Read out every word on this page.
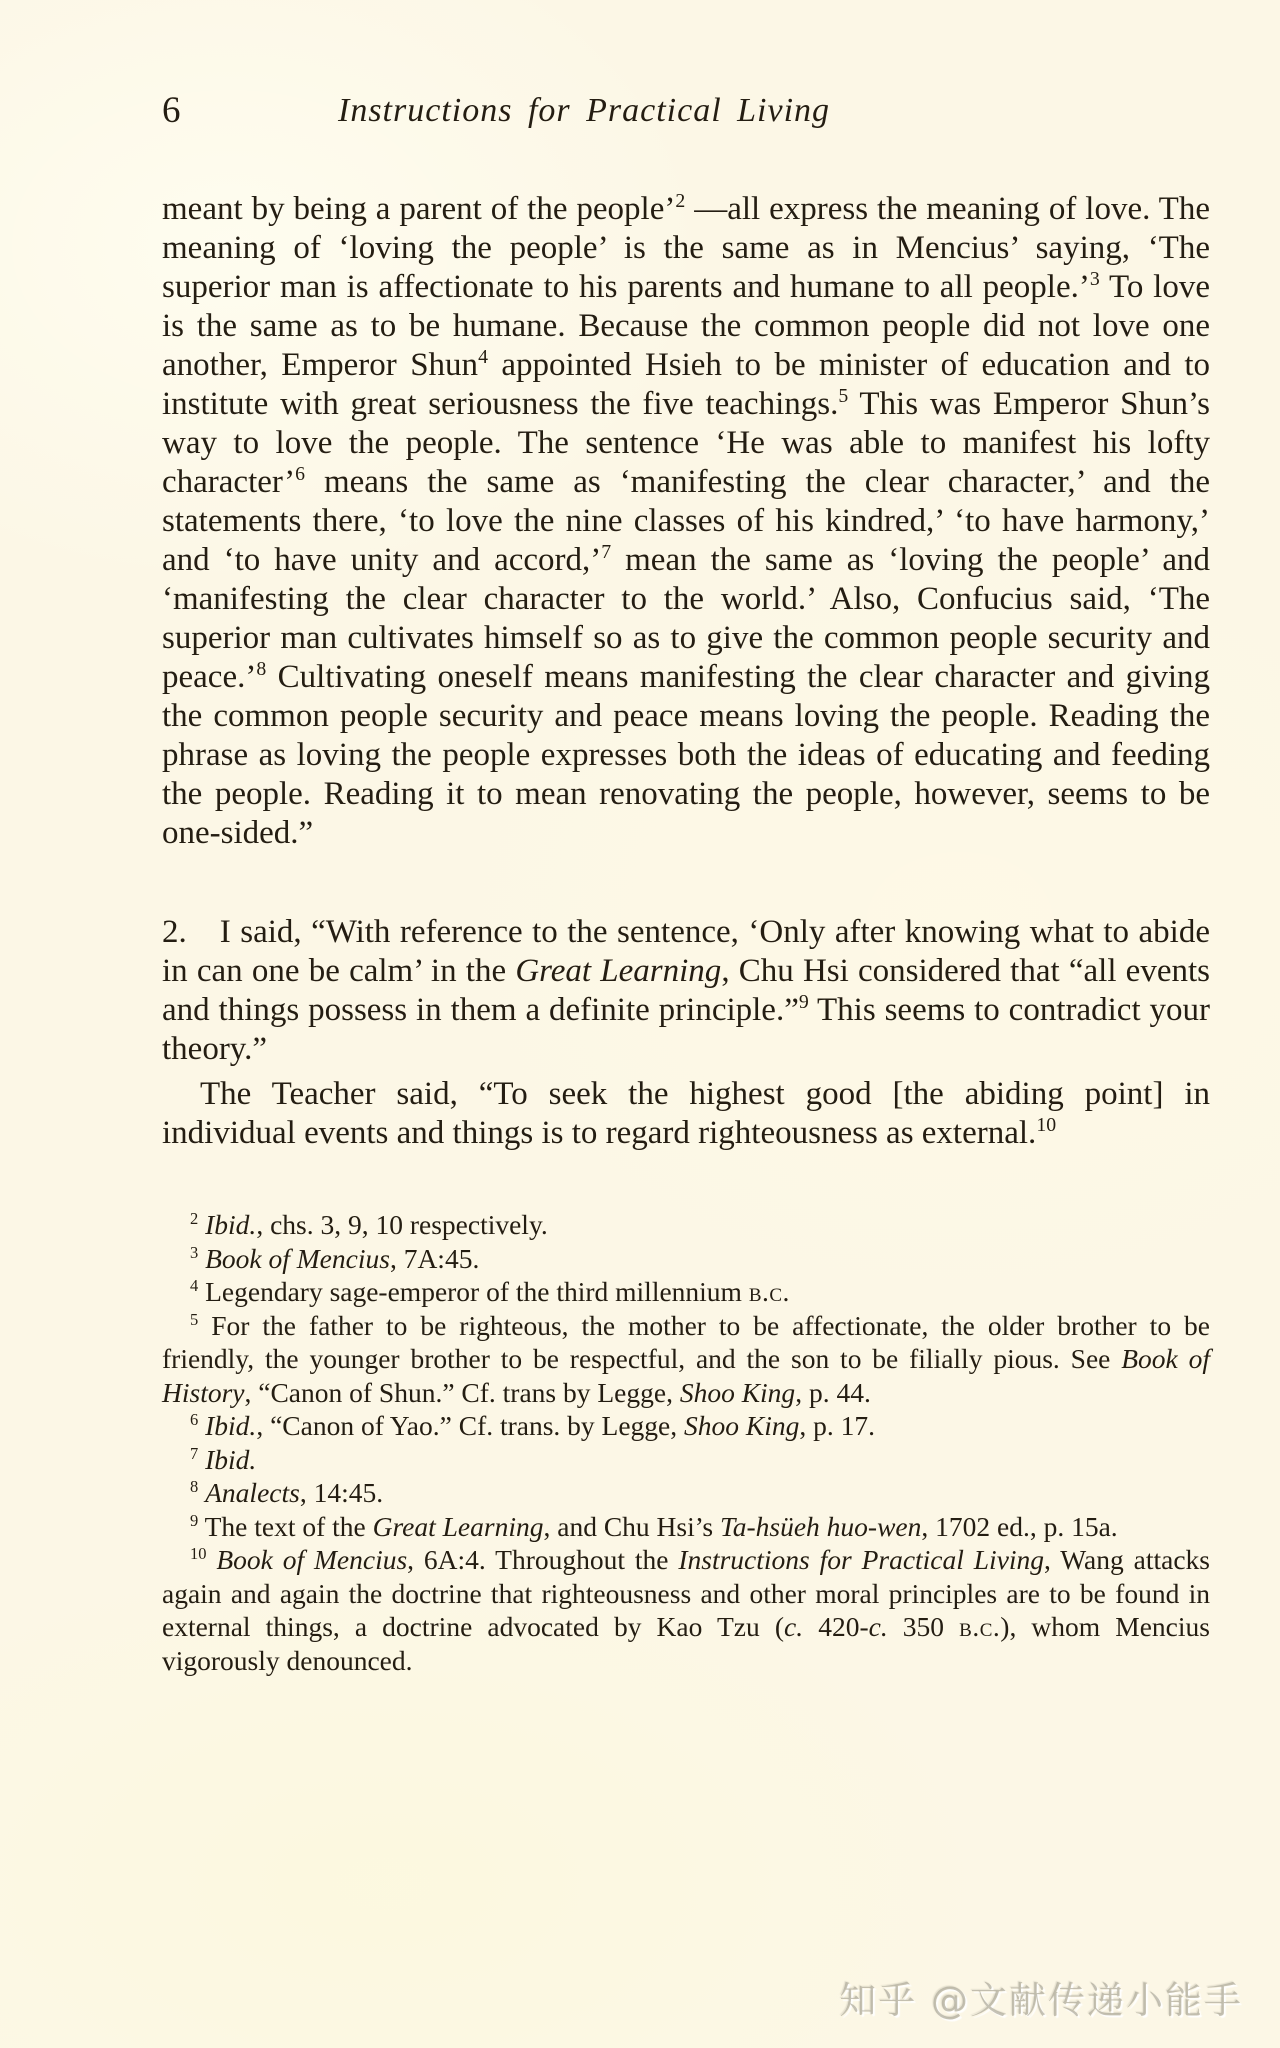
6	Instructions for Practical Living

meant by being a parent of the people’$^2$ —all express the meaning of love. The meaning of ‘loving the people’ is the same as in Mencius’ saying, ‘The superior man is affectionate to his parents and humane to all people.’$^3$ To love is the same as to be humane. Because the common people did not love one another, Emperor Shun$^4$ appointed Hsieh to be minister of education and to institute with great seriousness the five teachings.$^5$ This was Emperor Shun’s way to love the people. The sentence ‘He was able to manifest his lofty character’$^6$ means the same as ‘manifesting the clear character,’ and the statements there, ‘to love the nine classes of his kindred,’ ‘to have harmony,’ and ‘to have unity and accord,’$^7$ mean the same as ‘loving the people’ and ‘manifesting the clear character to the world.’ Also, Confucius said, ‘The superior man cultivates himself so as to give the common people security and peace.’$^8$ Cultivating oneself means manifesting the clear character and giving the common people security and peace means loving the people. Reading the phrase as loving the people expresses both the ideas of educating and feeding the people. Reading it to mean renovating the people, however, seems to be one-sided.”

2.  I said, “With reference to the sentence, ‘Only after knowing what to abide in can one be calm’ in the Great Learning, Chu Hsi considered that “all events and things possess in them a definite principle.”$^9$ This seems to contradict your theory.”

The Teacher said, “To seek the highest good [the abiding point] in individual events and things is to regard righteousness as external.$^{10}$

$^2$ Ibid., chs. 3, 9, 10 respectively.

$^3$ Book of Mencius, 7A:45.

$^4$ Legendary sage-emperor of the third millennium b.c.

$^5$ For the father to be righteous, the mother to be affectionate, the older brother to be friendly, the younger brother to be respectful, and the son to be filially pious. See Book of History, “Canon of Shun.” Cf. trans by Legge, Shoo King, p. 44.

$^6$ Ibid., “Canon of Yao.” Cf. trans. by Legge, Shoo King, p. 17.

$^7$ Ibid.

$^8$ Analects, 14:45.

$^9$ The text of the Great Learning, and Chu Hsi’s Ta-hsüeh huo-wen, 1702 ed., p. 15a.

$^{10}$ Book of Mencius, 6A:4. Throughout the Instructions for Practical Living, Wang attacks again and again the doctrine that righteousness and other moral principles are to be found in external things, a doctrine advocated by Kao Tzu (c. 420-c. 350 b.c.), whom Mencius vigorously denounced.

知乎 @文献传递小能手
